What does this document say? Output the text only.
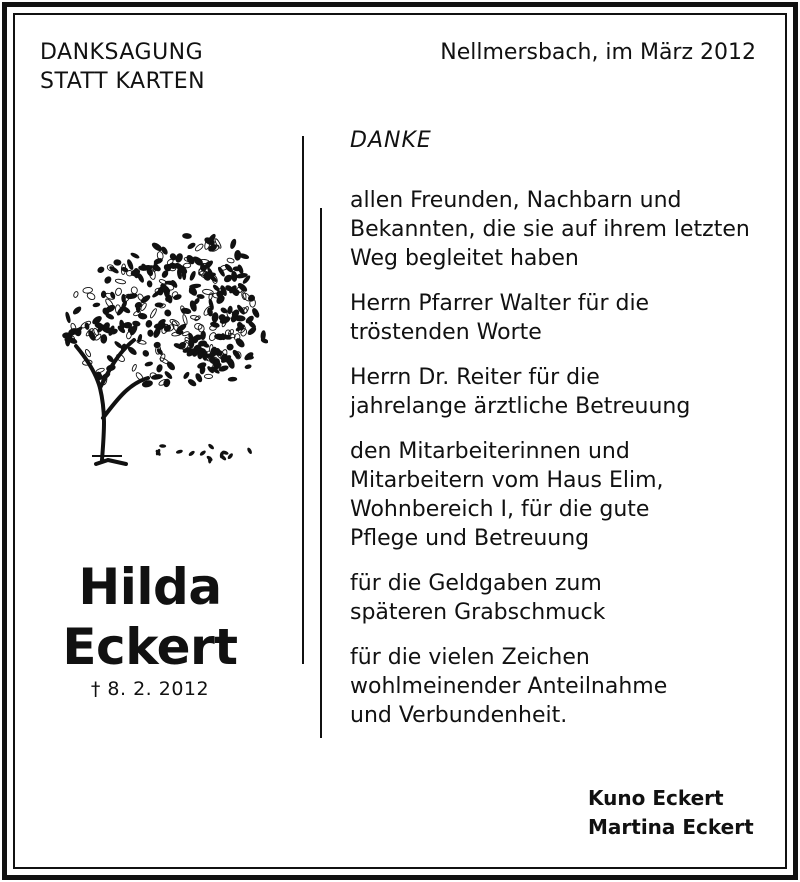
DANKSAGUNG
STATT KARTEN
Nellmersbach, im März 2012
Hilda
Eckert
† 8. 2. 2012
DANKE
allen Freunden, Nachbarn und
Bekannten, die sie auf ihrem letzten
Weg begleitet haben
Herrn Pfarrer Walter für die
tröstenden Worte
Herrn Dr. Reiter für die
jahrelange ärztliche Betreuung
den Mitarbeiterinnen und
Mitarbeitern vom Haus Elim,
Wohnbereich I, für die gute
Pflege und Betreuung
für die Geldgaben zum
späteren Grabschmuck
für die vielen Zeichen
wohlmeinender Anteilnahme
und Verbundenheit.
Kuno Eckert
Martina Eckert
